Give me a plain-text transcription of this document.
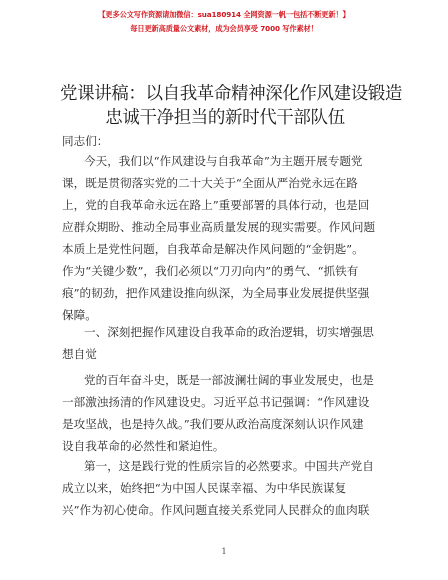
【更多公文写作资源请加微信：sua180914 全网资源一帆一包括不断更新！】
每日更新高质量公文素材，成为会员享受 7000 写作素材！
党课讲稿：以自我革命精神深化作风建设锻造
忠诚干净担当的新时代干部队伍
同志们：
今天，我们以“作风建设与自我革命”为主题开展专题党
课，既是贯彻落实党的二十大关于“全面从严治党永远在路
上，党的自我革命永远在路上”重要部署的具体行动，也是回
应群众期盼、推动全局事业高质量发展的现实需要。作风问题
本质上是党性问题，自我革命是解决作风问题的“金钥匙”。
作为“关键少数”，我们必须以“刀刃向内”的勇气、“抓铁有
痕”的韧劲，把作风建设推向纵深，为全局事业发展提供坚强
保障。
一、深刻把握作风建设自我革命的政治逻辑，切实增强思
想自觉
党的百年奋斗史，既是一部波澜壮阔的事业发展史，也是
一部激浊扬清的作风建设史。习近平总书记强调：“作风建设
是攻坚战，也是持久战。”我们要从政治高度深刻认识作风建
设自我革命的必然性和紧迫性。
第一，这是践行党的性质宗旨的必然要求。中国共产党自
成立以来，始终把“为中国人民谋幸福、为中华民族谋复
兴”作为初心使命。作风问题直接关系党同人民群众的血肉联
1
